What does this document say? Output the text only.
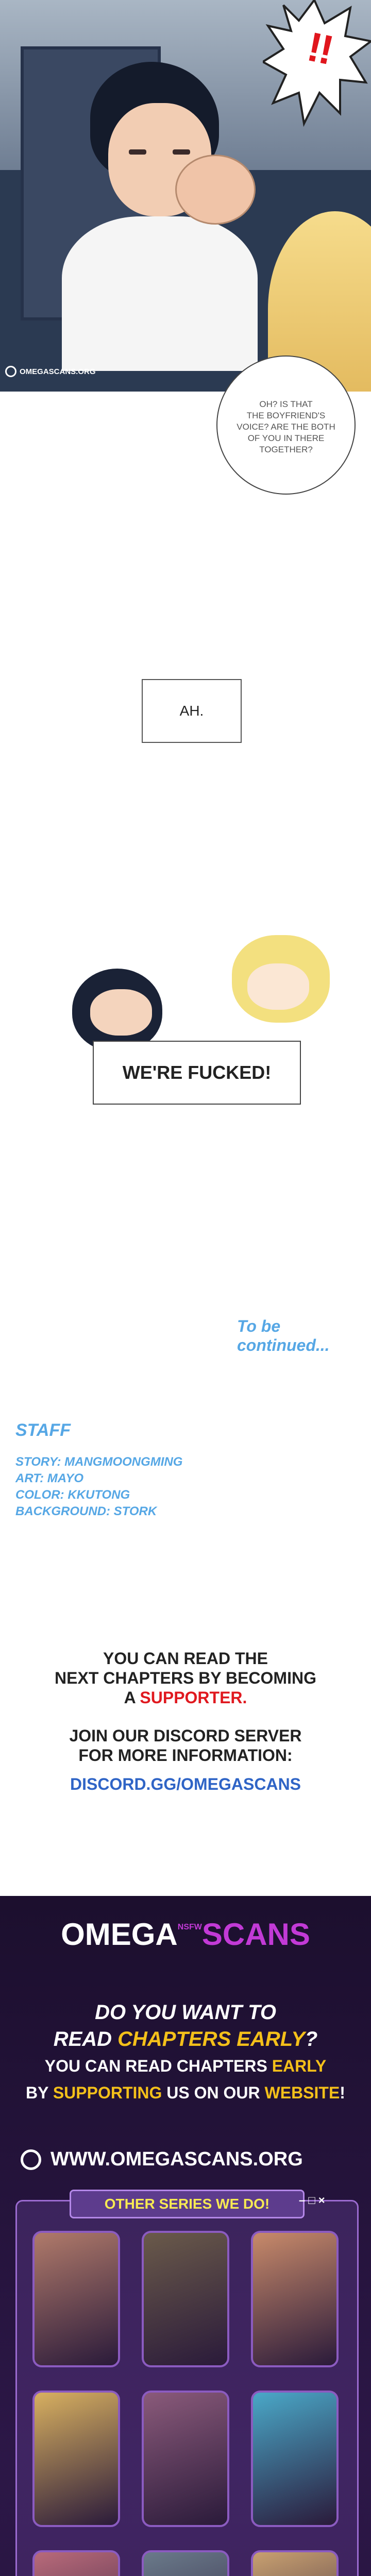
!!
OMEGASCANS.ORG
OH? IS THAT
THE BOYFRIEND'S
VOICE? ARE THE BOTH
OF YOU IN THERE
TOGETHER?
AH.
WE'RE FUCKED!
To be continued...
STAFF
STORY: MANGMOONGMING
ART: MAYO
COLOR: KKUTONG
BACKGROUND: STORK
YOU CAN READ THE
NEXT CHAPTERS BY BECOMING
A SUPPORTER.
JOIN OUR DISCORD SERVER
FOR MORE INFORMATION:
DISCORD.GG/OMEGASCANS
$OMEGA^{NSFW}SCANS$
DO YOU WANT TO
READ CHAPTERS EARLY?
YOU CAN READ CHAPTERS EARLY
BY SUPPORTING US ON OUR WEBSITE!
WWW.OMEGASCANS.ORG
OTHER SERIES WE DO!	– □ ×
